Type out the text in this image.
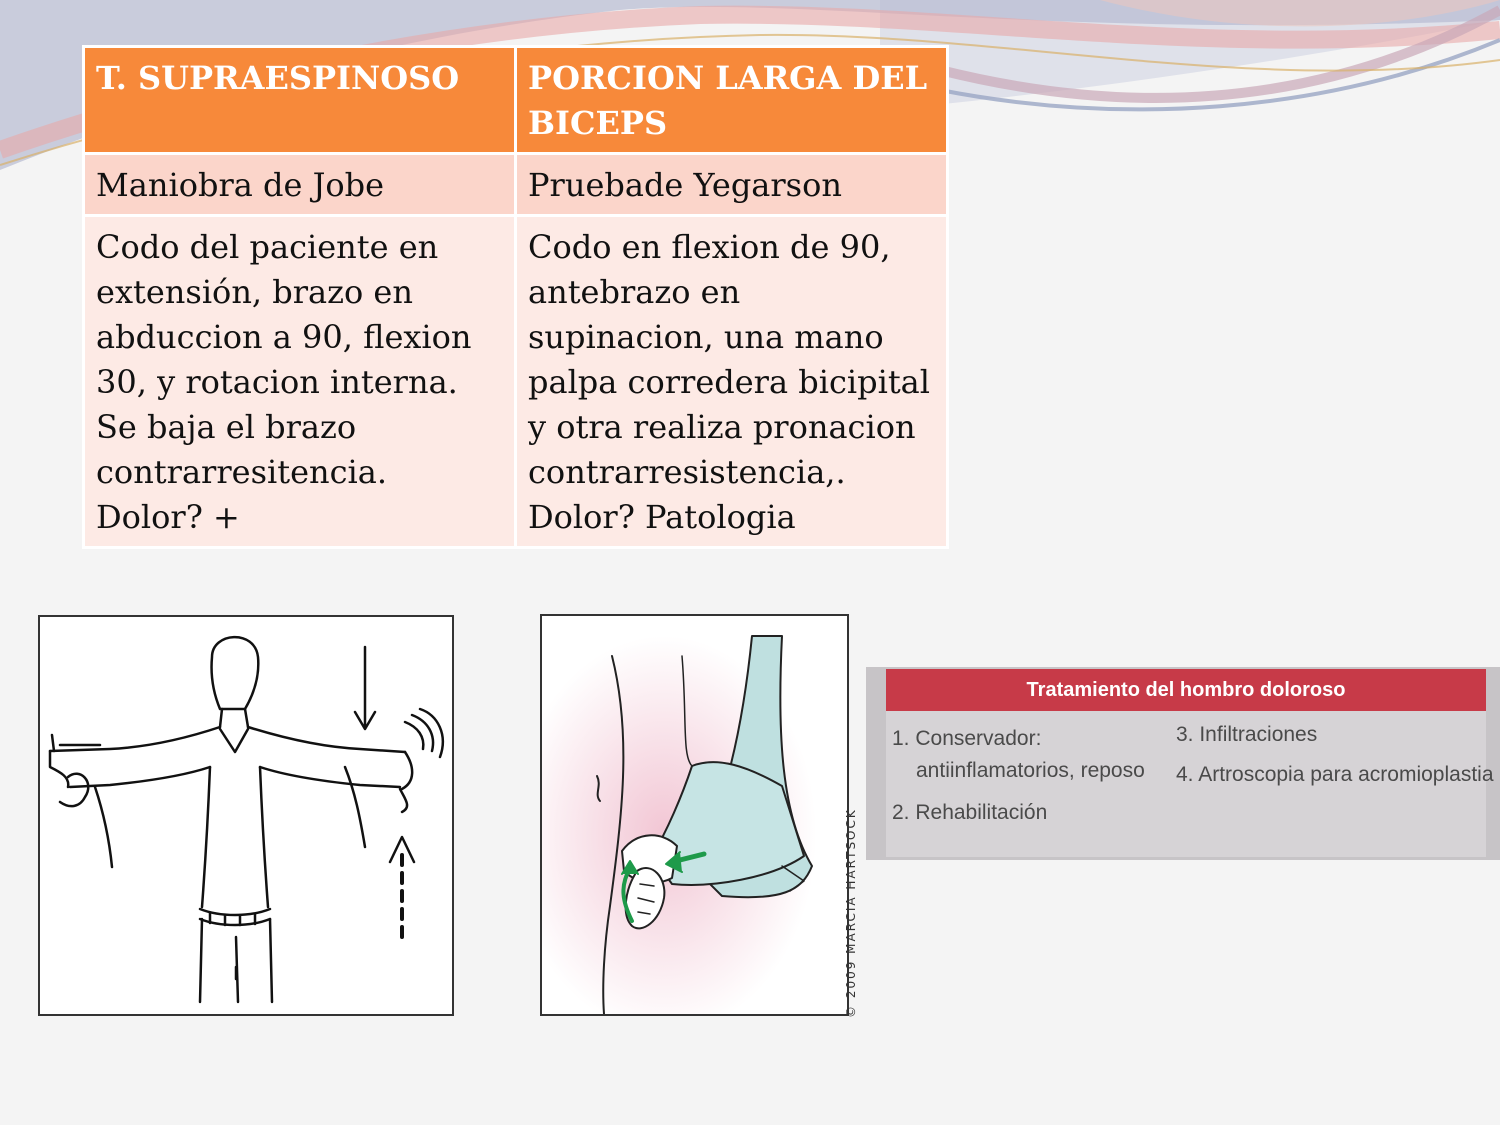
T. SUPRAESPINOSO	PORCION LARGA DEL BICEPS
Maniobra de Jobe	Pruebade Yegarson
Codo del paciente en extensión, brazo en abduccion a 90, flexion 30, y rotacion interna. Se baja el brazo contrarresitencia. Dolor? +	Codo en flexion de 90, antebrazo en supinacion, una mano palpa corredera bicipital y otra realiza pronacion contrarresistencia,. Dolor? Patologia
© 2009 MARCIA HARTSOCK
Tratamiento del hombro doloroso
1. Conservador:
antiinflamatorios, reposo
2. Rehabilitación
3. Infiltraciones
4. Artroscopia para acromioplastia
